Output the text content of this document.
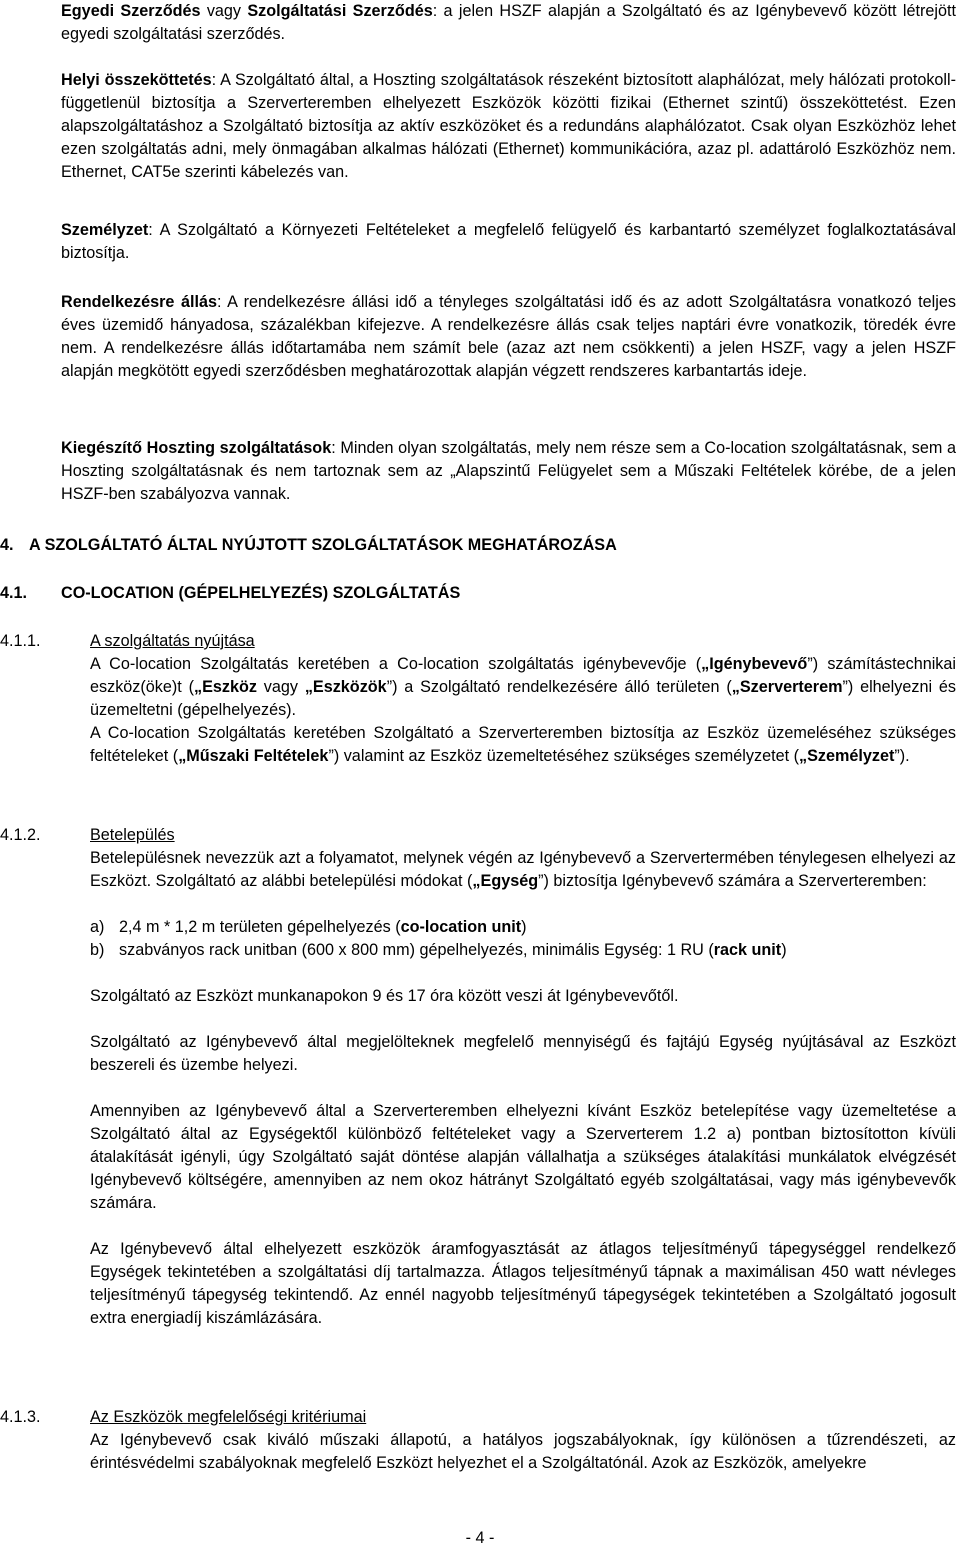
Egyedi Szerződés vagy Szolgáltatási Szerződés: a jelen HSZF alapján a Szolgáltató és az Igénybevevő között létrejött egyedi szolgáltatási szerződés.

Helyi összeköttetés: A Szolgáltató által, a Hoszting szolgáltatások részeként biztosított alaphálózat, mely hálózati protokoll-függetlenül biztosítja a Szerverteremben elhelyezett Eszközök közötti fizikai (Ethernet szintű) összeköttetést. Ezen alapszolgáltatáshoz a Szolgáltató biztosítja az aktív eszközöket és a redundáns alaphálózatot. Csak olyan Eszközhöz lehet ezen szolgáltatás adni, mely önmagában alkalmas hálózati (Ethernet) kommunikációra, azaz pl. adattároló Eszközhöz nem. Ethernet, CAT5e szerinti kábelezés van.

Személyzet: A Szolgáltató a Környezeti Feltételeket a megfelelő felügyelő és karbantartó személyzet foglalkoztatásával biztosítja.

Rendelkezésre állás: A rendelkezésre állási idő a tényleges szolgáltatási idő és az adott Szolgáltatásra vonatkozó teljes éves üzemidő hányadosa, százalékban kifejezve. A rendelkezésre állás csak teljes naptári évre vonatkozik, töredék évre nem. A rendelkezésre állás időtartamába nem számít bele (azaz azt nem csökkenti) a jelen HSZF, vagy a jelen HSZF alapján megkötött egyedi szerződésben meghatározottak alapján végzett rendszeres karbantartás ideje.

Kiegészítő Hoszting szolgáltatások: Minden olyan szolgáltatás, mely nem része sem a Co-location szolgáltatásnak, sem a Hoszting szolgáltatásnak és nem tartoznak sem az „Alapszintű Felügyelet sem a Műszaki Feltételek körébe, de a jelen HSZF-ben szabályozva vannak.

4. A SZOLGÁLTATÓ ÁLTAL NYÚJTOTT SZOLGÁLTATÁSOK MEGHATÁROZÁSA
4.1. CO-LOCATION (GÉPELHELYEZÉS) SZOLGÁLTATÁS
4.1.1.	A szolgáltatás nyújtása

A Co-location Szolgáltatás keretében a Co-location szolgáltatás igénybevevője („Igénybevevő”) számítástechnikai eszköz(öke)t („Eszköz vagy „Eszközök”) a Szolgáltató rendelkezésére álló területen („Szerverterem”) elhelyezni és üzemeltetni (gépelhelyezés).

A Co-location Szolgáltatás keretében Szolgáltató a Szerverteremben biztosítja az Eszköz üzemeléséhez szükséges feltételeket („Műszaki Feltételek”) valamint az Eszköz üzemeltetéséhez szükséges személyzetet („Személyzet”).

4.1.2.	Betelepülés

Betelepülésnek nevezzük azt a folyamatot, melynek végén az Igénybevevő a Szervertermében ténylegesen elhelyezi az Eszközt. Szolgáltató az alábbi betelepülési módokat („Egység”) biztosítja Igénybevevő számára a Szerverteremben:

a) 2,4 m * 1,2 m területen gépelhelyezés (co-location unit)
b) szabványos rack unitban (600 x 800 mm) gépelhelyezés, minimális Egység: 1 RU (rack unit)

Szolgáltató az Eszközt munkanapokon 9 és 17 óra között veszi át Igénybevevőtől.

Szolgáltató az Igénybevevő által megjelölteknek megfelelő mennyiségű és fajtájú Egység nyújtásával az Eszközt beszereli és üzembe helyezi.

Amennyiben az Igénybevevő által a Szerverteremben elhelyezni kívánt Eszköz betelepítése vagy üzemeltetése a Szolgáltató által az Egységektől különböző feltételeket vagy a Szerverterem 1.2 a) pontban biztosítotton kívüli átalakítását igényli, úgy Szolgáltató saját döntése alapján vállalhatja a szükséges átalakítási munkálatok elvégzését Igénybevevő költségére, amennyiben az nem okoz hátrányt Szolgáltató egyéb szolgáltatásai, vagy más igénybevevők számára.

Az Igénybevevő által elhelyezett eszközök áramfogyasztását az átlagos teljesítményű tápegységgel rendelkező Egységek tekintetében a szolgáltatási díj tartalmazza. Átlagos teljesítményű tápnak a maximálisan 450 watt névleges teljesítményű tápegység tekintendő. Az ennél nagyobb teljesítményű tápegységek tekintetében a Szolgáltató jogosult extra energiadíj kiszámlázására.

4.1.3.	Az Eszközök megfelelőségi kritériumai

Az Igénybevevő csak kiváló műszaki állapotú, a hatályos jogszabályoknak, így különösen a tűzrendészeti, az érintésvédelmi szabályoknak megfelelő Eszközt helyezhet el a Szolgáltatónál. Azok az Eszközök, amelyekre

- 4 -
